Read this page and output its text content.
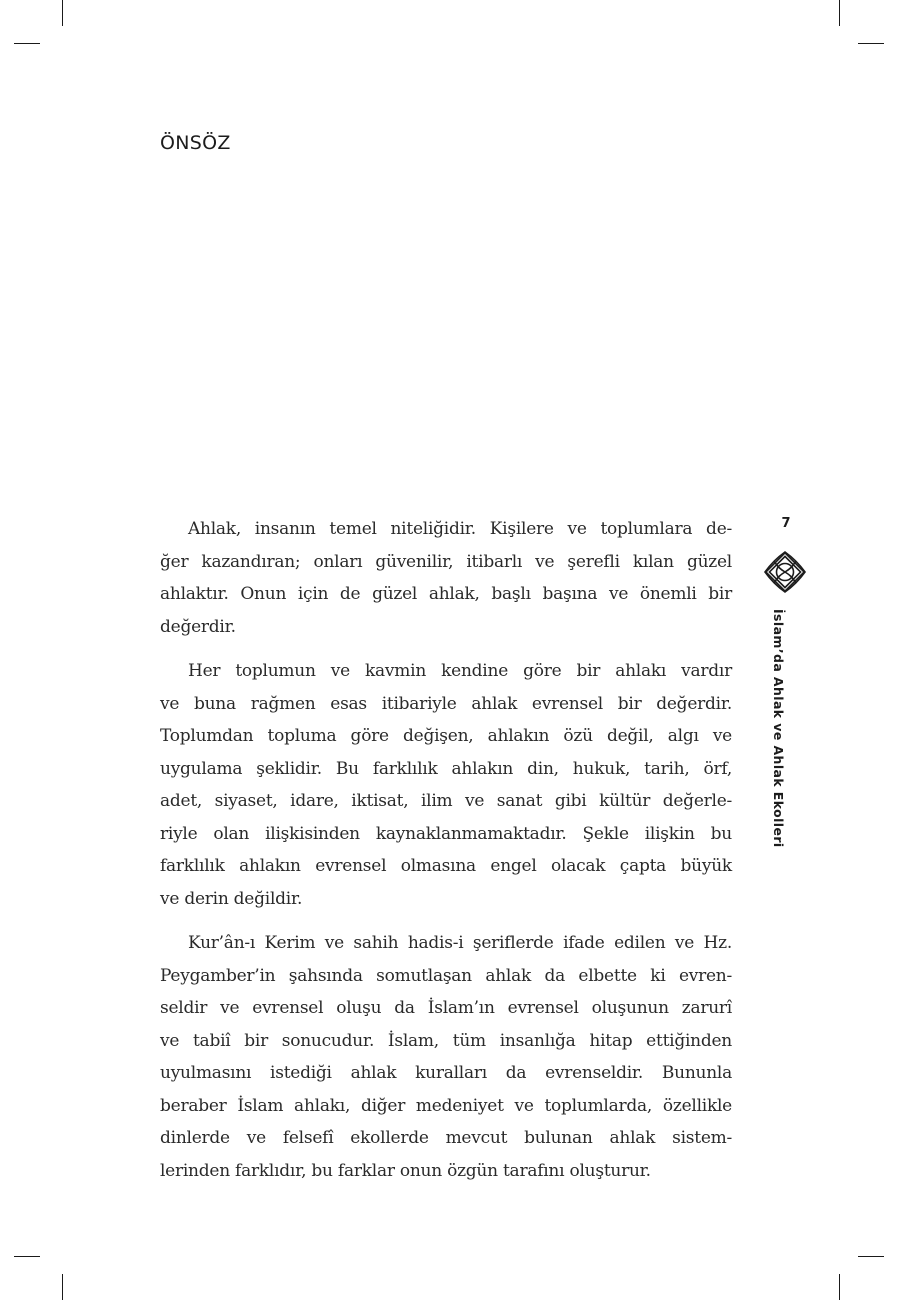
ÖNSÖZ

Ahlak, insanın temel niteliğidir. Kişilere ve toplumlara de-
ğer kazandıran; onları güvenilir, itibarlı ve şerefli kılan güzel
ahlaktır. Onun için de güzel ahlak, başlı başına ve önemli bir
değerdir.

Her toplumun ve kavmin kendine göre bir ahlakı vardır
ve buna rağmen esas itibariyle ahlak evrensel bir değerdir.
Toplumdan topluma göre değişen, ahlakın özü değil, algı ve
uygulama şeklidir. Bu farklılık ahlakın din, hukuk, tarih, örf,
adet, siyaset, idare, iktisat, ilim ve sanat gibi kültür değerle-
riyle olan ilişkisinden kaynaklanmamaktadır. Şekle ilişkin bu
farklılık ahlakın evrensel olmasına engel olacak çapta büyük
ve derin değildir.

Kur’ân-ı Kerim ve sahih hadis-i şeriflerde ifade edilen ve Hz.
Peygamber’in şahsında somutlaşan ahlak da elbette ki evren-
seldir ve evrensel oluşu da İslam’ın evrensel oluşunun zarurî
ve tabiî bir sonucudur. İslam, tüm insanlığa hitap ettiğinden
uyulmasını istediği ahlak kuralları da evrenseldir. Bununla
beraber İslam ahlakı, diğer medeniyet ve toplumlarda, özellikle
dinlerde ve felsefî ekollerde mevcut bulunan ahlak sistem-
lerinden farklıdır, bu farklar onun özgün tarafını oluşturur.

7
İslam’da Ahlak ve Ahlak Ekolleri
